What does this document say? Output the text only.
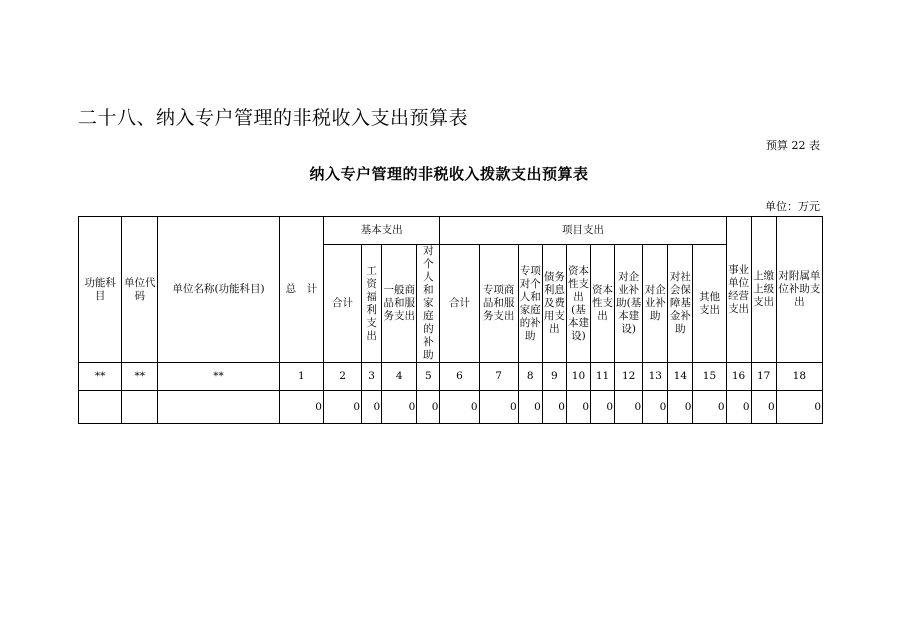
二十八、纳入专户管理的非税收入支出预算表
预算 22 表
纳入专户管理的非税收入拨款支出预算表
单位：万元
功能科目	单位代码	单位名称(功能科目)	总　计	基本支出				项目支出										事业单位经营支出	上缴上级支出	对附属单位补助支出
				合计	工资福利支出	一般商品和服务支出	对个人和家庭的补助	合计	专项商品和服务支出	专项对个人和家庭的补助	债务利息及费用支出	资本性支出(基本建设)	资本性支出	对企业补助(基本建设)	对企业补助	对社会保障基金补助	其他支出			
**	**	**	1	2	3	4	5	6	7	8	9	10	11	12	13	14	15	16	17	18
			0	0	0	0	0	0	0	0	0	0	0	0	0	0	0	0	0	0
